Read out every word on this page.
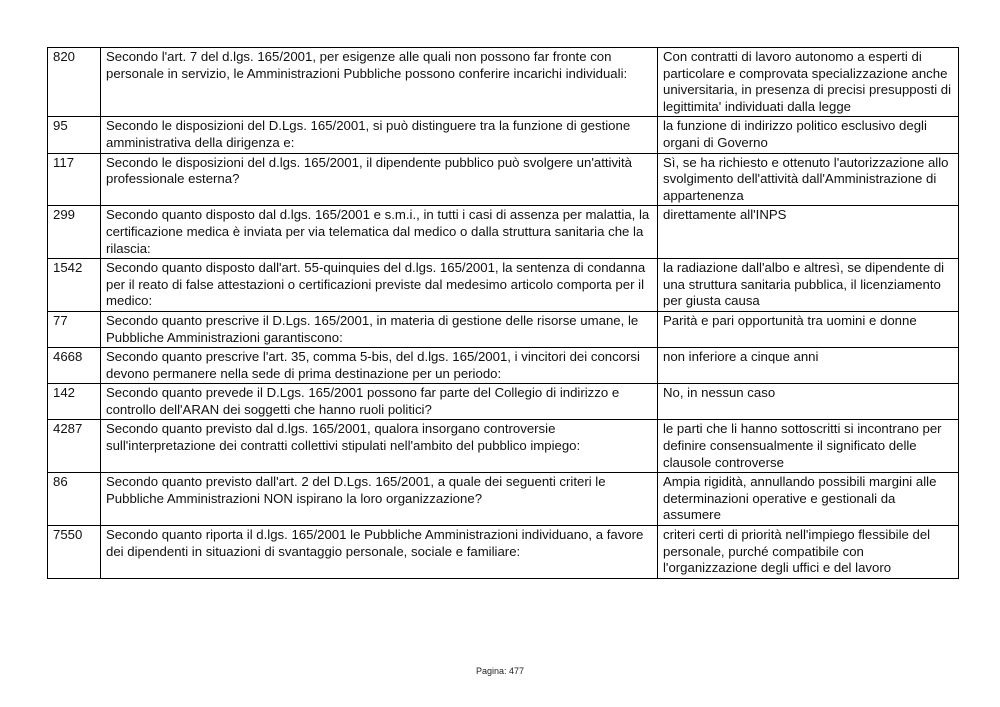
820	Secondo l'art. 7 del d.lgs. 165/2001, per esigenze alle quali non possono far fronte con personale in servizio, le Amministrazioni Pubbliche possono conferire incarichi individuali:	Con contratti di lavoro autonomo a esperti di particolare e comprovata specializzazione anche universitaria, in presenza di precisi presupposti di legittimita' individuati dalla legge
95	Secondo le disposizioni del D.Lgs. 165/2001, si può distinguere tra la funzione di gestione amministrativa della dirigenza e:	la funzione di indirizzo politico esclusivo degli organi di Governo
117	Secondo le disposizioni del d.lgs. 165/2001, il dipendente pubblico può svolgere un'attività professionale esterna?	Sì, se ha richiesto e ottenuto l'autorizzazione allo svolgimento dell'attività dall'Amministrazione di appartenenza
299	Secondo quanto disposto dal d.lgs. 165/2001 e s.m.i., in tutti i casi di assenza per malattia, la certificazione medica è inviata per via telematica dal medico o dalla struttura sanitaria che la rilascia:	direttamente all'INPS
1542	Secondo quanto disposto dall'art. 55-quinquies del d.lgs. 165/2001, la sentenza di condanna per il reato di false attestazioni o certificazioni previste dal medesimo articolo comporta per il medico:	la radiazione dall'albo e altresì, se dipendente di una struttura sanitaria pubblica, il licenziamento per giusta causa
77	Secondo quanto prescrive il D.Lgs. 165/2001, in materia di gestione delle risorse umane, le Pubbliche Amministrazioni garantiscono:	Parità e pari opportunità tra uomini e donne
4668	Secondo quanto prescrive l'art. 35, comma 5-bis, del d.lgs. 165/2001, i vincitori dei concorsi devono permanere nella sede di prima destinazione per un periodo:	non inferiore a cinque anni
142	Secondo quanto prevede il D.Lgs. 165/2001 possono far parte del Collegio di indirizzo e controllo dell'ARAN dei soggetti che hanno ruoli politici?	No, in nessun caso
4287	Secondo quanto previsto dal d.lgs. 165/2001, qualora insorgano controversie sull'interpretazione dei contratti collettivi stipulati nell'ambito del pubblico impiego:	le parti che li hanno sottoscritti si incontrano per definire consensualmente il significato delle clausole controverse
86	Secondo quanto previsto dall'art. 2 del D.Lgs. 165/2001, a quale dei seguenti criteri le Pubbliche Amministrazioni NON ispirano la loro organizzazione?	Ampia rigidità, annullando possibili margini alle determinazioni operative e gestionali da assumere
7550	Secondo quanto riporta il d.lgs. 165/2001 le Pubbliche Amministrazioni individuano, a favore dei dipendenti in situazioni di svantaggio personale, sociale e familiare:	criteri certi di priorità nell'impiego flessibile del personale, purché compatibile con l'organizzazione degli uffici e del lavoro
Pagina: 477
